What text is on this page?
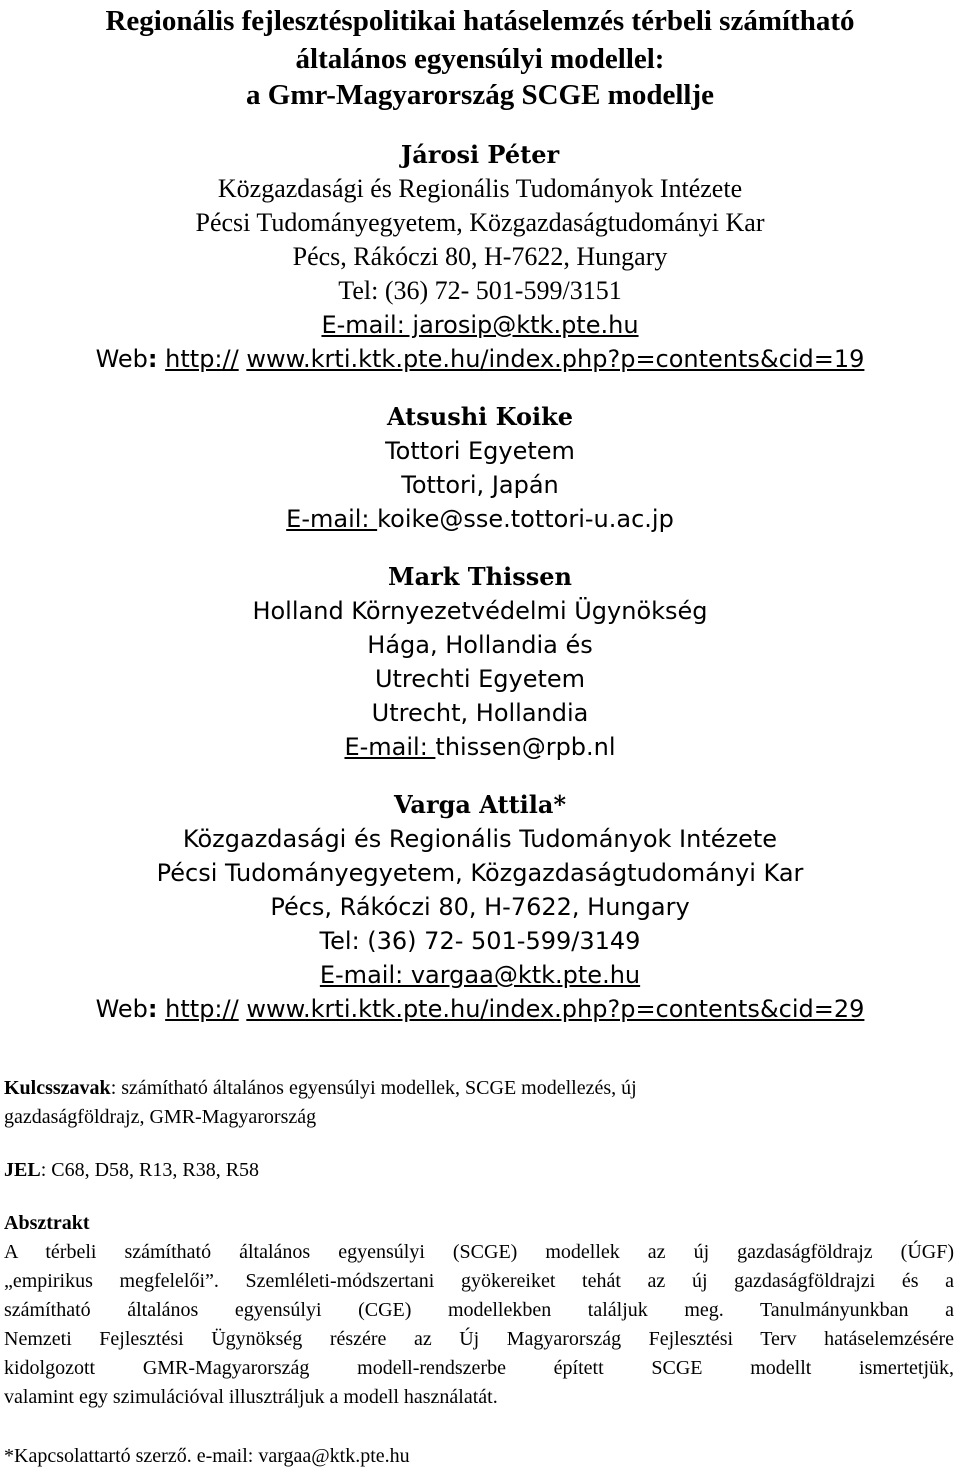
Regionális fejlesztéspolitikai hatáselemzés térbeli számítható
általános egyensúlyi modellel:
a Gmr-Magyarország SCGE modellje
Járosi Péter
Közgazdasági és Regionális Tudományok Intézete
Pécsi Tudományegyetem, Közgazdaságtudományi Kar
Pécs, Rákóczi 80, H-7622, Hungary
Tel: (36) 72- 501-599/3151
E-mail: jarosip@ktk.pte.hu
Web: http:// www.krti.ktk.pte.hu/index.php?p=contents&cid=19
Atsushi Koike
Tottori Egyetem
Tottori, Japán
E-mail: koike@sse.tottori-u.ac.jp
Mark Thissen
Holland Környezetvédelmi Ügynökség
Hága, Hollandia és
Utrechti Egyetem
Utrecht, Hollandia
E-mail: thissen@rpb.nl
Varga Attila*
Közgazdasági és Regionális Tudományok Intézete
Pécsi Tudományegyetem, Közgazdaságtudományi Kar
Pécs, Rákóczi 80, H-7622, Hungary
Tel: (36) 72- 501-599/3149
E-mail: vargaa@ktk.pte.hu
Web: http:// www.krti.ktk.pte.hu/index.php?p=contents&cid=29
Kulcsszavak: számítható általános egyensúlyi modellek, SCGE modellezés, új
gazdaságföldrajz, GMR-Magyarország
JEL: C68, D58, R13, R38, R58
Absztrakt
A térbeli számítható általános egyensúlyi (SCGE) modellek az új gazdaságföldrajz (ÚGF)
„empirikus megfelelői”. Szemléleti-módszertani gyökereiket tehát az új gazdaságföldrajzi és a
számítható általános egyensúlyi (CGE) modellekben találjuk meg. Tanulmányunkban a
Nemzeti Fejlesztési Ügynökség részére az Új Magyarország Fejlesztési Terv hatáselemzésére
kidolgozott GMR-Magyarország modell-rendszerbe épített SCGE modellt ismertetjük,
valamint egy szimulációval illusztráljuk a modell használatát.
*Kapcsolattartó szerző. e-mail: vargaa@ktk.pte.hu
